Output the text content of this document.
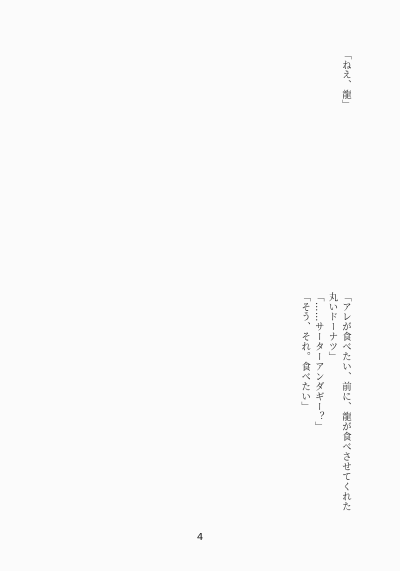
「ねえ、龍」

「アレが食べたい、前に、龍が食べさせてくれた丸いドーナツ」

「……サーターアンダギー？」

「そう、それ。食べたい」

4
